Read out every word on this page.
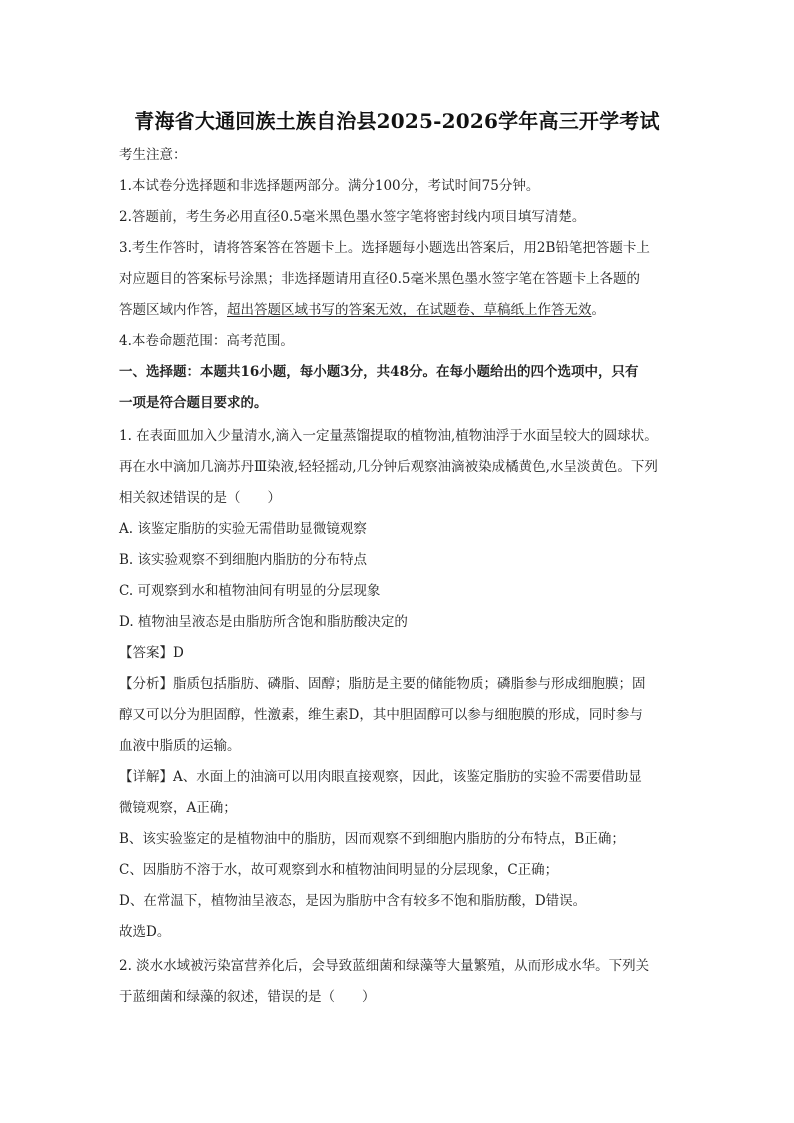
青海省大通回族土族自治县2025-2026学年高三开学考试
考生注意：
1.本试卷分选择题和非选择题两部分。满分100分，考试时间75分钟。
2.答题前，考生务必用直径0.5毫米黑色墨水签字笔将密封线内项目填写清楚。
3.考生作答时，请将答案答在答题卡上。选择题每小题选出答案后，用2B铅笔把答题卡上
对应题目的答案标号涂黑；非选择题请用直径0.5毫米黑色墨水签字笔在答题卡上各题的
答题区域内作答，超出答题区域书写的答案无效，在试题卷、草稿纸上作答无效。
4.本卷命题范围：高考范围。
一、选择题：本题共16小题，每小题3分，共48分。在每小题给出的四个选项中，只有
一项是符合题目要求的。
1. 在表面皿加入少量清水,滴入一定量蒸馏提取的植物油,植物油浮于水面呈较大的圆球状。
再在水中滴加几滴苏丹Ⅲ染液,轻轻摇动,几分钟后观察油滴被染成橘黄色,水呈淡黄色。下列
相关叙述错误的是（　　）
A. 该鉴定脂肪的实验无需借助显微镜观察
B. 该实验观察不到细胞内脂肪的分布特点
C. 可观察到水和植物油间有明显的分层现象
D. 植物油呈液态是由脂肪所含饱和脂肪酸决定的
【答案】D
【分析】脂质包括脂肪、磷脂、固醇；脂肪是主要的储能物质；磷脂参与形成细胞膜；固
醇又可以分为胆固醇，性激素，维生素D，其中胆固醇可以参与细胞膜的形成，同时参与
血液中脂质的运输。
【详解】A、水面上的油滴可以用肉眼直接观察，因此，该鉴定脂肪的实验不需要借助显
微镜观察，A正确；
B、该实验鉴定的是植物油中的脂肪，因而观察不到细胞内脂肪的分布特点，B正确；
C、因脂肪不溶于水，故可观察到水和植物油间明显的分层现象，C正确；
D、在常温下，植物油呈液态，是因为脂肪中含有较多不饱和脂肪酸，D错误。
故选D。
2. 淡水水域被污染富营养化后，会导致蓝细菌和绿藻等大量繁殖，从而形成水华。下列关
于蓝细菌和绿藻的叙述，错误的是（　　）
